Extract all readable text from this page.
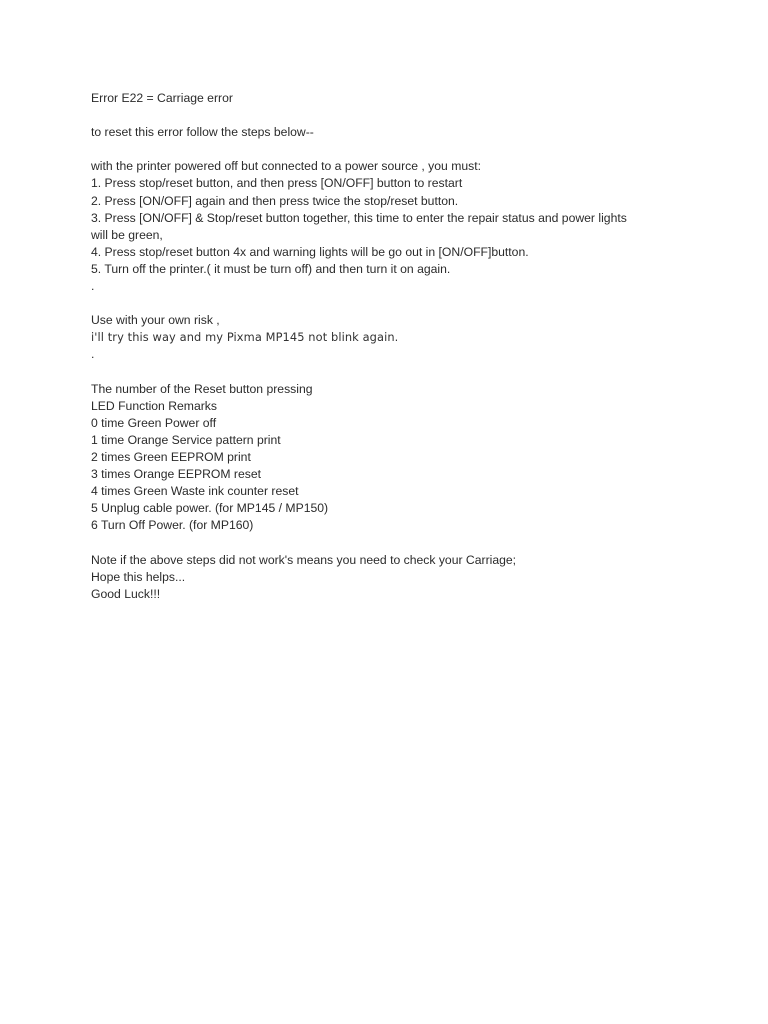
Error E22 = Carriage error
to reset this error follow the steps below--
with the printer powered off but connected to a power source , you must:
1. Press stop/reset button, and then press [ON/OFF] button to restart
2. Press [ON/OFF] again and then press twice the stop/reset button.
3. Press [ON/OFF] & Stop/reset button together, this time to enter the repair status and power lights
will be green,
4. Press stop/reset button 4x and warning lights will be go out in [ON/OFF]button.
5. Turn off the printer.( it must be turn off) and then turn it on again.
.
Use with your own risk ,
i'll try this way and my Pixma MP145 not blink again.
.
The number of the Reset button pressing
LED Function Remarks
0 time Green Power off
1 time Orange Service pattern print
2 times Green EEPROM print
3 times Orange EEPROM reset
4 times Green Waste ink counter reset
5 Unplug cable power. (for MP145 / MP150)
6 Turn Off Power. (for MP160)
Note if the above steps did not work's means you need to check your Carriage;
Hope this helps...
Good Luck!!!
